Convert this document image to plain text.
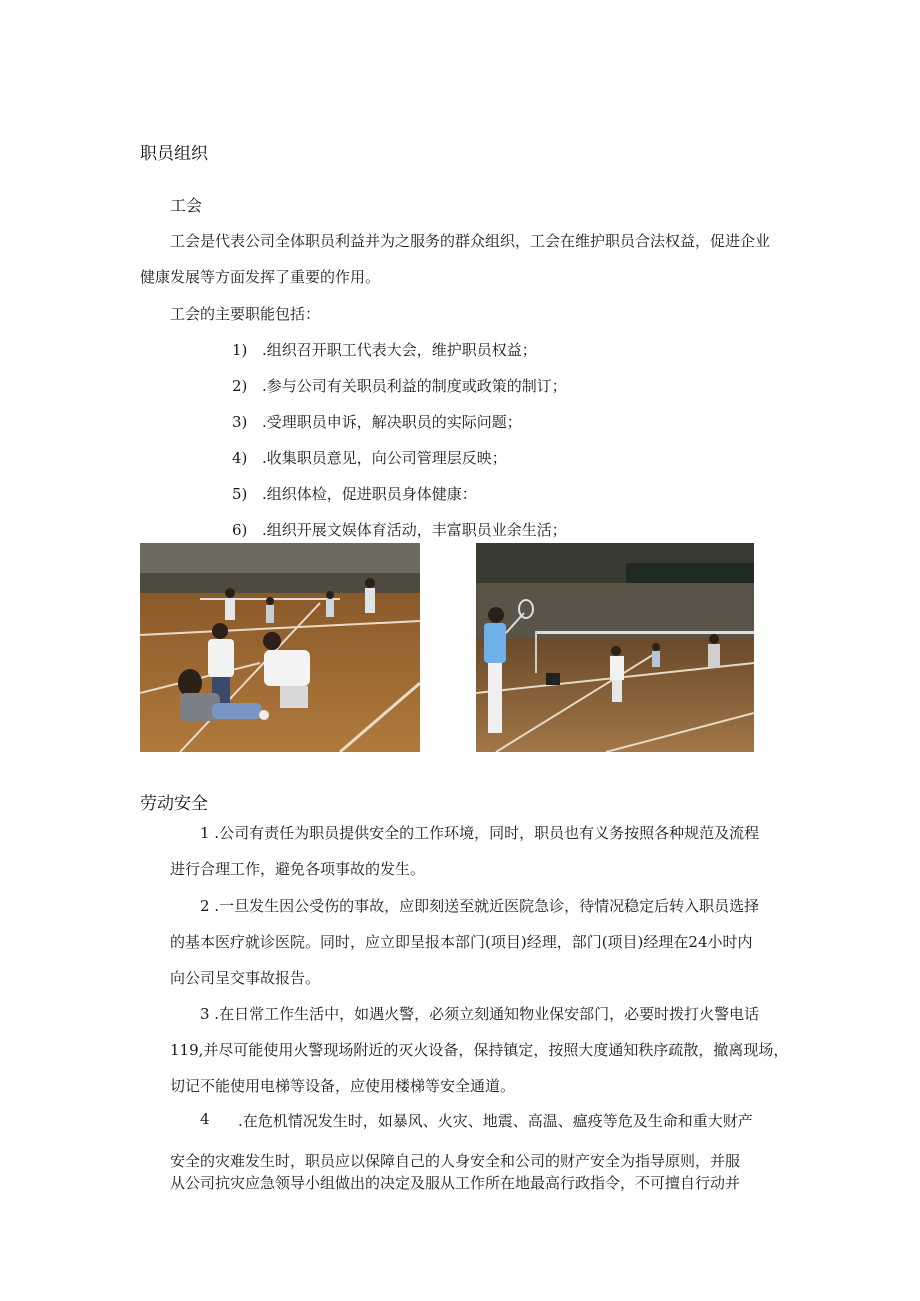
职员组织
工会
工会是代表公司全体职员利益并为之服务的群众组织，工会在维护职员合法权益，促进企业
健康发展等方面发挥了重要的作用。
工会的主要职能包括：
1) .组织召开职工代表大会，维护职员权益；
2) .参与公司有关职员利益的制度或政策的制订；
3) .受理职员申诉，解决职员的实际问题；
4) .收集职员意见，向公司管理层反映；
5) .组织体检，促进职员身体健康：
6) .组织开展文娱体育活动，丰富职员业余生活；
劳动安全
1 .公司有责任为职员提供安全的工作环境，同时，职员也有义务按照各种规范及流程
进行合理工作，避免各项事故的发生。
2 .一旦发生因公受伤的事故，应即刻送至就近医院急诊，待情况稳定后转入职员选择
的基本医疗就诊医院。同时，应立即呈报本部门(项目)经理，部门(项目)经理在24小时内
向公司呈交事故报告。
3 .在日常工作生活中，如遇火警，必须立刻通知物业保安部门，必要时拨打火警电话
119,并尽可能使用火警现场附近的灭火设备，保持镇定，按照大度通知秩序疏散，撤离现场，
切记不能使用电梯等设备，应使用楼梯等安全通道。
4 .在危机情况发生时，如暴风、火灾、地震、高温、瘟疫等危及生命和重大财产
安全的灾难发生时，职员应以保障自己的人身安全和公司的财产安全为指导原则，并服
从公司抗灾应急领导小组做出的决定及服从工作所在地最高行政指令，不可擅自行动并
